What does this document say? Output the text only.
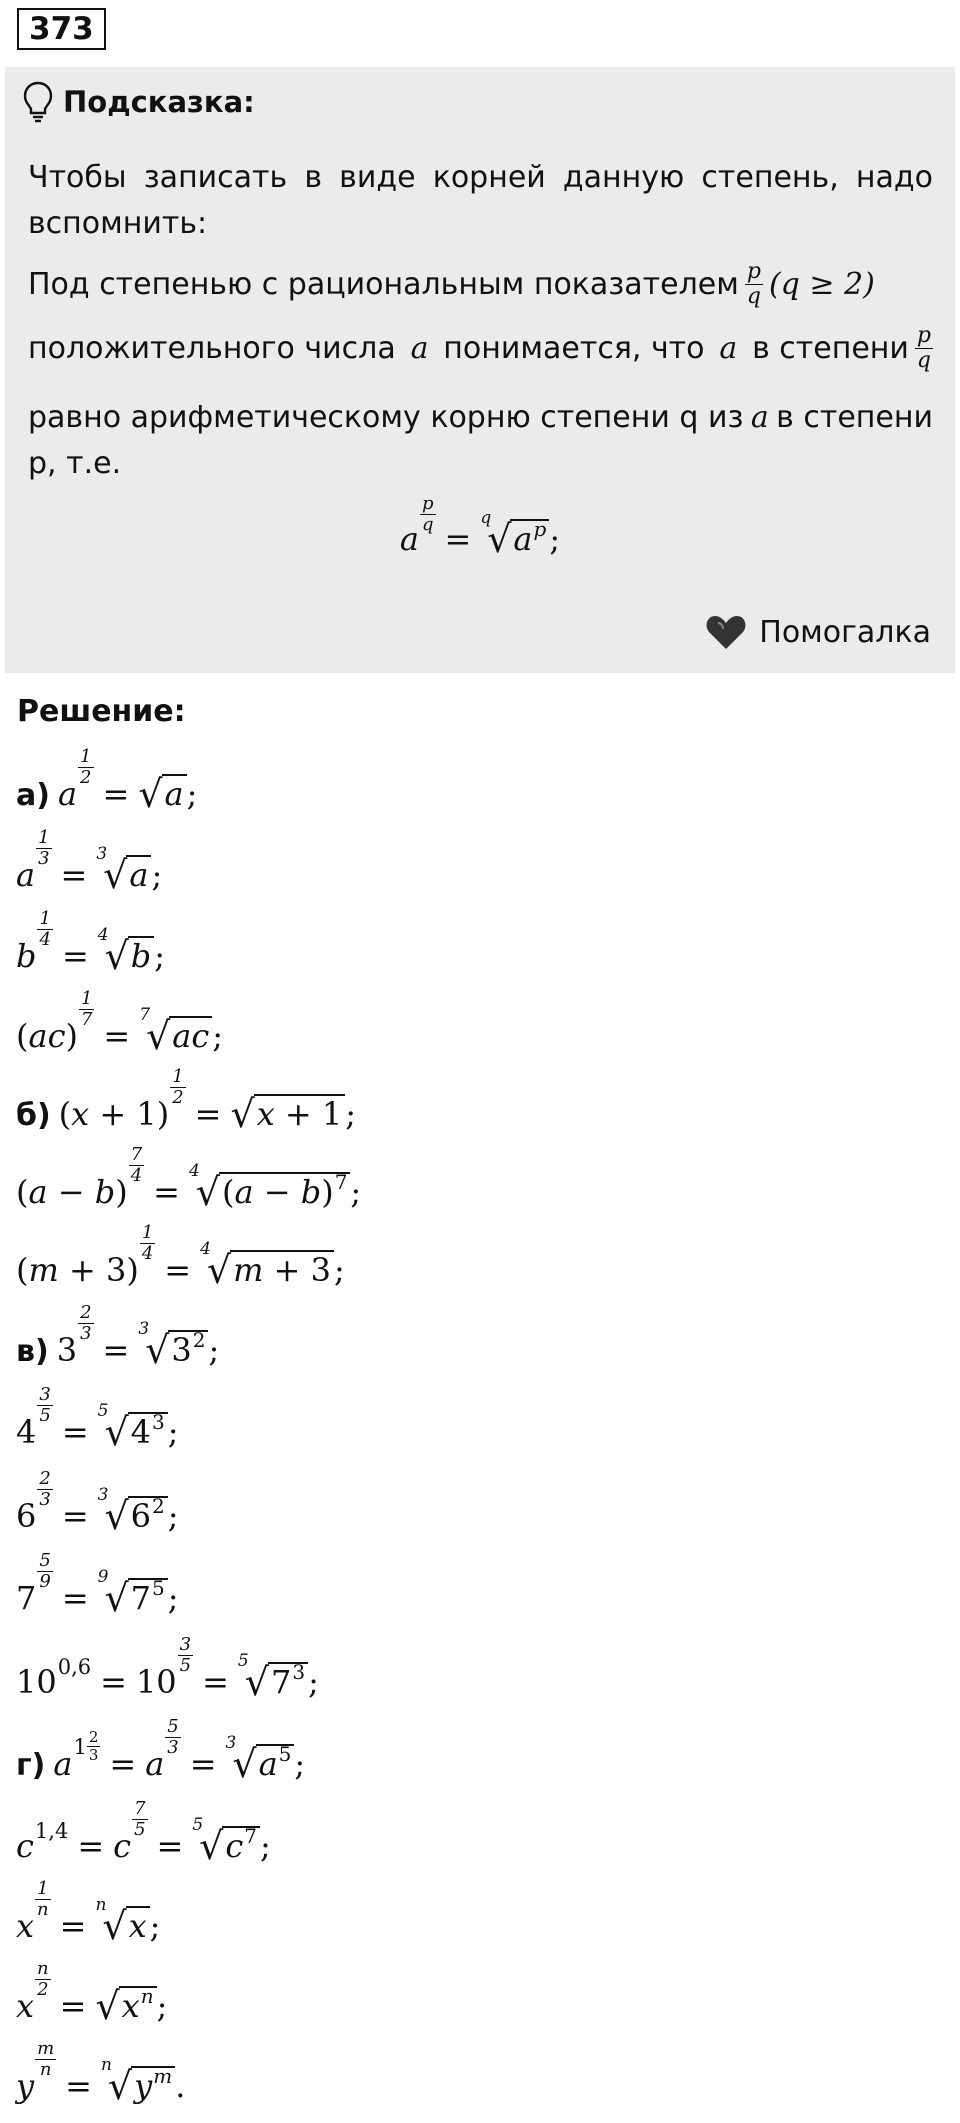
373
Подсказка:
Чтобы записать в виде корней данную степень, надо вспомнить:
Под степенью с рациональным показателем $\frac{p}{q} (q \ge 2)$
положительного числа a понимается, что a в степени $\frac{p}{q}$
равно арифметическому корню степени q из a в степени
p, т.е.
a
$\frac{p}{q}$
=
q
√ $a^p$ ;
Помогалка
Решение:
а) a
$\frac{1}{2}$
= √ a ;
a
$\frac{1}{3}$
=
3
√ a ;
b
$\frac{1}{4}$
=
4
√ b ;
( ac )
$\frac{1}{7}$
=
7
√ ac ;
б) ( x + 1)
$\frac{1}{2}$
= √ x + 1 ;
( a − b )
$\frac{7}{4}$
=
4
√ $(a - b)^7$ ;
( m + 3)
$\frac{1}{4}$
=
4
√ m + 3 ;
в) 3
$\frac{2}{3}$
=
3
√ $3^2$ ;
4
$\frac{3}{5}$
=
5
√ $4^3$ ;
6
$\frac{2}{3}$
=
3
√ $6^2$ ;
7
$\frac{5}{9}$
=
9
√ $7^5$ ;
10 0,6 = 10
$\frac{3}{5}$
=
5
√ $7^3$ ;
г) a $1 \frac{2}{3} = a$
$\frac{5}{3}$
=
3
√ $a^5$ ;
c 1,4 = c
$\frac{7}{5}$
=
5
√ $c^7$ ;
x
$\frac{1}{n}$
=
n
√ x ;
x
$\frac{n}{2}$
= √ $x^n$ ;
y
$\frac{m}{n}$
=
n
√ $y^m$ .
